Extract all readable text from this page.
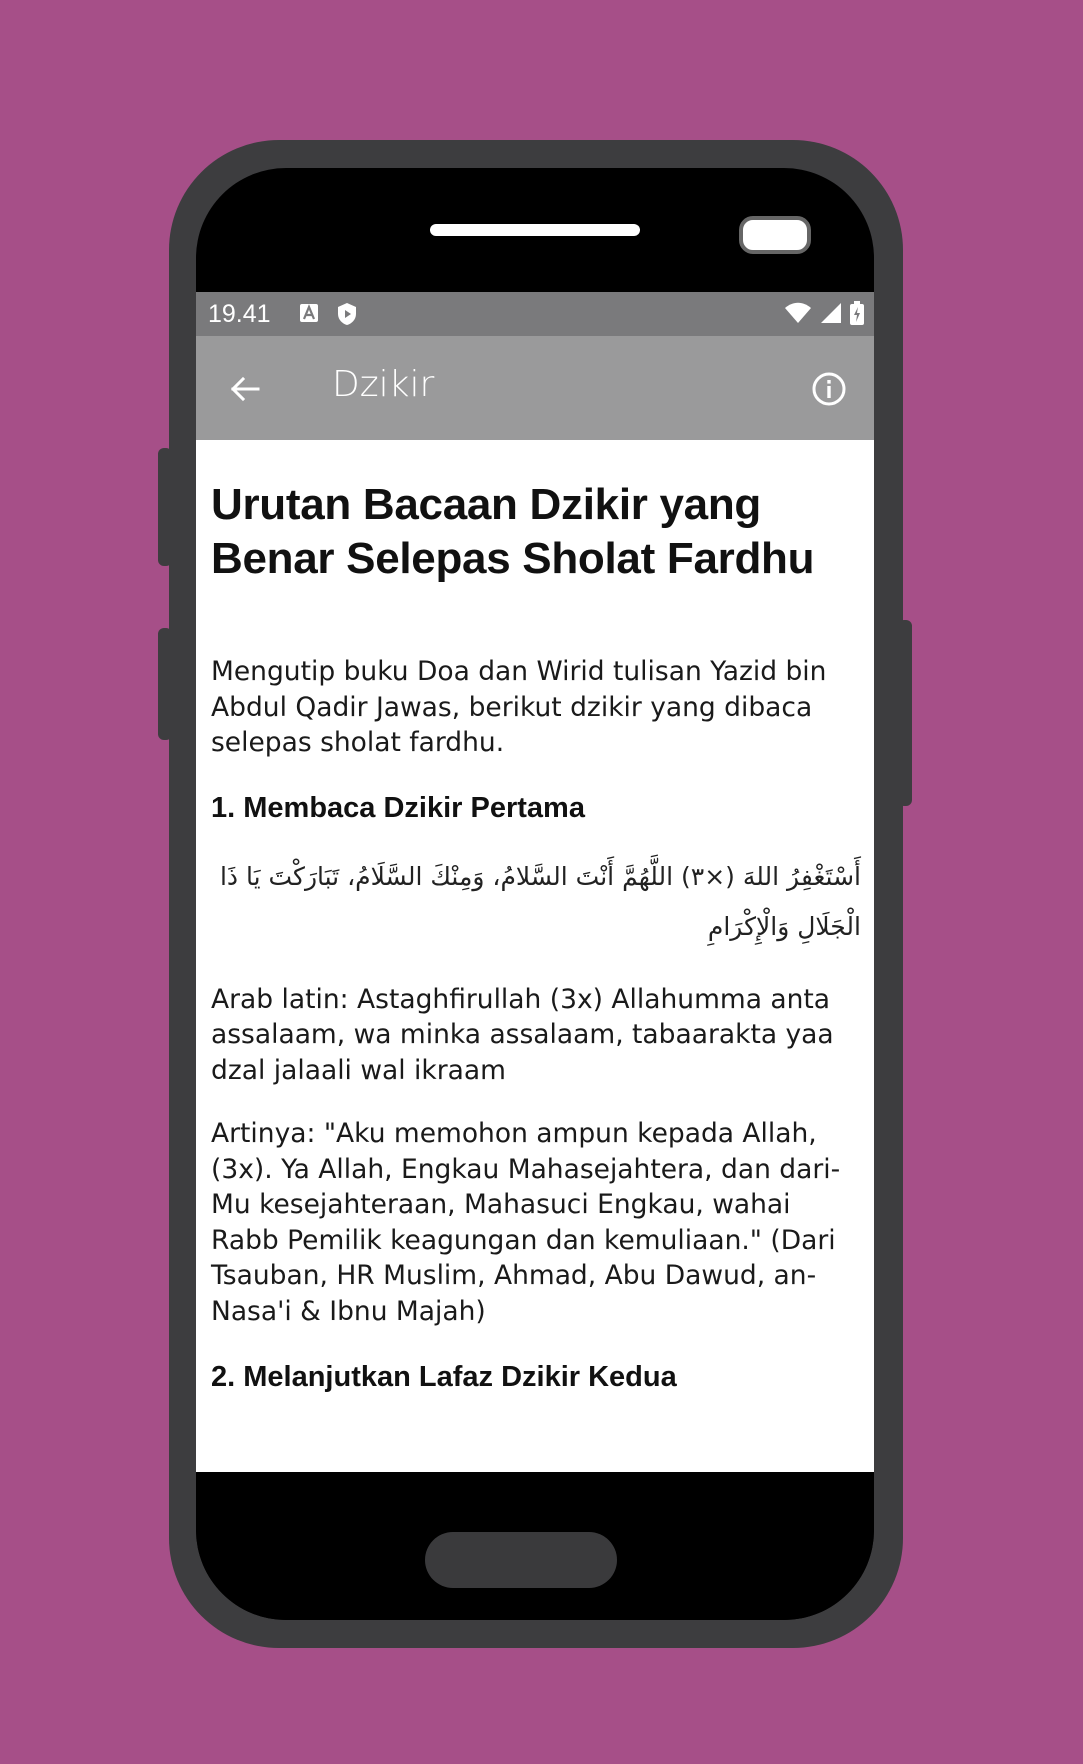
19.41
Dzikir
Urutan Bacaan Dzikir yang Benar Selepas Sholat Fardhu

Mengutip buku Doa dan Wirid tulisan Yazid bin Abdul Qadir Jawas, berikut dzikir yang dibaca selepas sholat fardhu.

1. Membaca Dzikir Pertama

أَسْتَغْفِرُ اللهَ (×٣) اللَّهُمَّ أَنْتَ السَّلامُ، وَمِنْكَ السَّلَامُ، تَبَارَكْتَ يَا ذَا الْجَلَالِ وَالْإِكْرَامِ

Arab latin: Astaghfirullah (3x) Allahumma anta assalaam, wa minka assalaam, tabaarakta yaa dzal jalaali wal ikraam

Artinya: "Aku memohon ampun kepada Allah, (3x). Ya Allah, Engkau Mahasejahtera, dan dari-Mu kesejahteraan, Mahasuci Engkau, wahai Rabb Pemilik keagungan dan kemuliaan." (Dari Tsauban, HR Muslim, Ahmad, Abu Dawud, an-Nasa'i & Ibnu Majah)

2. Melanjutkan Lafaz Dzikir Kedua
